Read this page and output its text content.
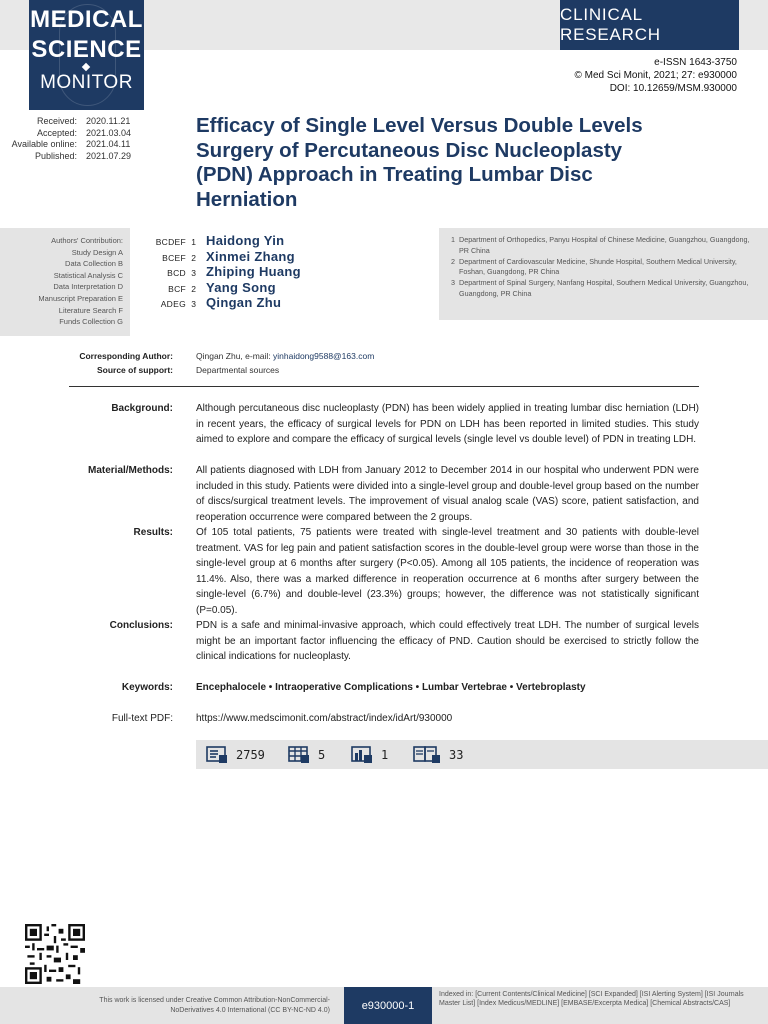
MEDICAL
SCIENCE
MONITOR
CLINICAL RESEARCH
e-ISSN 1643-3750
© Med Sci Monit, 2021; 27: e930000
DOI: 10.12659/MSM.930000
Received:	2020.11.21
Accepted:	2021.03.04
Available online:	2021.04.11
Published:	2021.07.29
Efficacy of Single Level Versus Double Levels Surgery of Percutaneous Disc Nucleoplasty (PDN) Approach in Treating Lumbar Disc Herniation
Authors' Contribution:
Study Design A
Data Collection B
Statistical Analysis C
Data Interpretation D
Manuscript Preparation E
Literature Search F
Funds Collection G
BCDEF 1 Haidong Yin
BCEF 2 Xinmei Zhang
BCD 3 Zhiping Huang
BCF 2 Yang Song
ADEG 3 Qingan Zhu
1
Department of Orthopedics, Panyu Hospital of Chinese Medicine, Guangzhou, Guangdong, PR China
2
Department of Cardiovascular Medicine, Shunde Hospital, Southern Medical University, Foshan, Guangdong, PR China
3
Department of Spinal Surgery, Nanfang Hospital, Southern Medical University, Guangzhou, Guangdong, PR China
Corresponding Author:	Qingan Zhu, e-mail: yinhaidong9588@163.com
Source of support:	Departmental sources
Background: Although percutaneous disc nucleoplasty (PDN) has been widely applied in treating lumbar disc herniation (LDH) in recent years, the efficacy of surgical levels for PDN on LDH has been reported in limited studies. This study aimed to explore and compare the efficacy of surgical levels (single level vs double level) of PDN in treating LDH.
Material/Methods: All patients diagnosed with LDH from January 2012 to December 2014 in our hospital who underwent PDN were included in this study. Patients were divided into a single-level group and double-level group based on the number of discs/surgical treatment levels. The improvement of visual analog scale (VAS) score, patient satisfaction, and reoperation occurrence were compared between the 2 groups.
Results: Of 105 total patients, 75 patients were treated with single-level treatment and 30 patients with double-level treatment. VAS for leg pain and patient satisfaction scores in the double-level group were worse than those in the single-level group at 6 months after surgery (P<0.05). Among all 105 patients, the incidence of reoperation was 11.4%. Also, there was a marked difference in reoperation occurrence at 6 months after surgery between the single-level (6.7%) and double-level (23.3%) groups; however, the difference was not statistically significant (P=0.05).
Conclusions: PDN is a safe and minimal-invasive approach, which could effectively treat LDH. The number of surgical levels might be an important factor influencing the efficacy of PND. Caution should be exercised to strictly follow the clinical indications for nucleoplasty.
Keywords: Encephalocele • Intraoperative Complications • Lumbar Vertebrae • Vertebroplasty
Full-text PDF: https://www.medscimonit.com/abstract/index/idArt/930000
2759	5	1	33
This work is licensed under Creative Common Attribution-NonCommercial-NoDerivatives 4.0 International (CC BY-NC-ND 4.0)	e930000-1
Indexed in: [Current Contents/Clinical Medicine] [SCI Expanded] [ISI Alerting System] [ISI Journals Master List] [Index Medicus/MEDLINE] [EMBASE/Excerpta Medica] [Chemical Abstracts/CAS]
